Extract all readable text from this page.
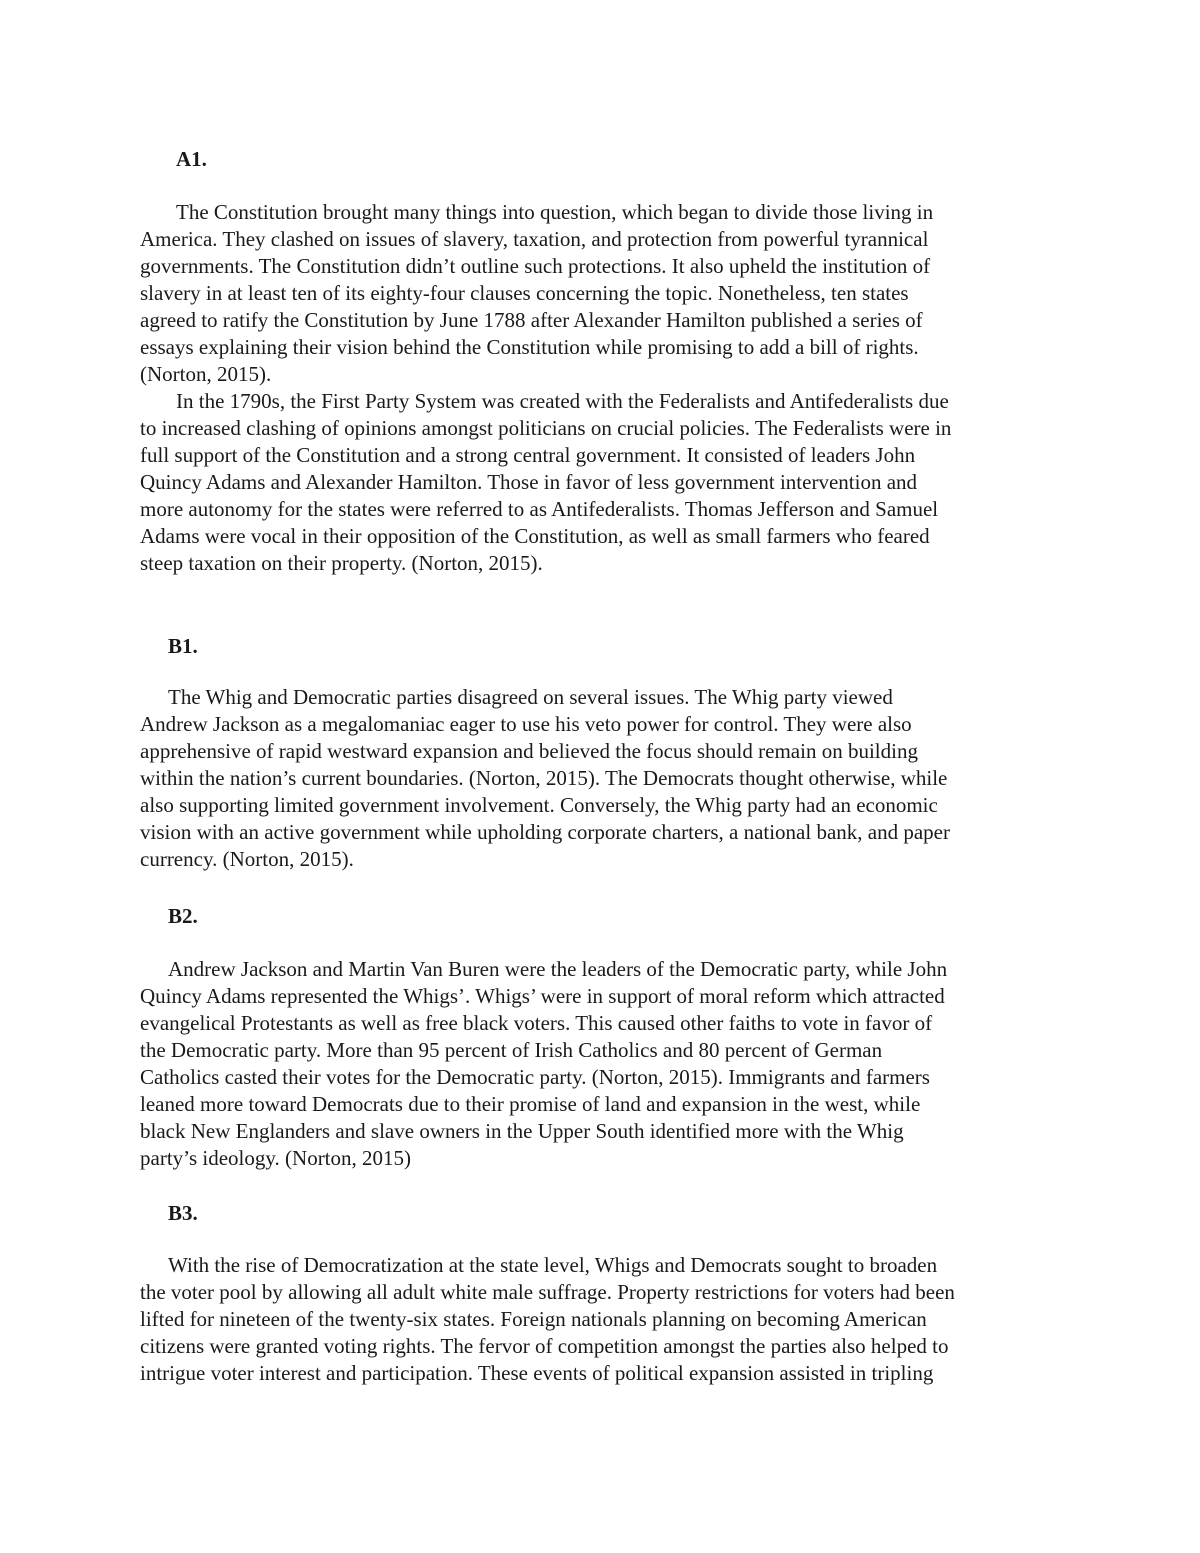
A1.

The Constitution brought many things into question, which began to divide those living in
America. They clashed on issues of slavery, taxation, and protection from powerful tyrannical
governments. The Constitution didn’t outline such protections. It also upheld the institution of
slavery in at least ten of its eighty-four clauses concerning the topic. Nonetheless, ten states
agreed to ratify the Constitution by June 1788 after Alexander Hamilton published a series of
essays explaining their vision behind the Constitution while promising to add a bill of rights.
(Norton, 2015).

In the 1790s, the First Party System was created with the Federalists and Antifederalists due
to increased clashing of opinions amongst politicians on crucial policies. The Federalists were in
full support of the Constitution and a strong central government. It consisted of leaders John
Quincy Adams and Alexander Hamilton. Those in favor of less government intervention and
more autonomy for the states were referred to as Antifederalists. Thomas Jefferson and Samuel
Adams were vocal in their opposition of the Constitution, as well as small farmers who feared
steep taxation on their property. (Norton, 2015).

B1.

The Whig and Democratic parties disagreed on several issues. The Whig party viewed
Andrew Jackson as a megalomaniac eager to use his veto power for control. They were also
apprehensive of rapid westward expansion and believed the focus should remain on building
within the nation’s current boundaries. (Norton, 2015). The Democrats thought otherwise, while
also supporting limited government involvement. Conversely, the Whig party had an economic
vision with an active government while upholding corporate charters, a national bank, and paper
currency. (Norton, 2015).

B2.

Andrew Jackson and Martin Van Buren were the leaders of the Democratic party, while John
Quincy Adams represented the Whigs’. Whigs’ were in support of moral reform which attracted
evangelical Protestants as well as free black voters. This caused other faiths to vote in favor of
the Democratic party. More than 95 percent of Irish Catholics and 80 percent of German
Catholics casted their votes for the Democratic party. (Norton, 2015). Immigrants and farmers
leaned more toward Democrats due to their promise of land and expansion in the west, while
black New Englanders and slave owners in the Upper South identified more with the Whig
party’s ideology. (Norton, 2015)

B3.

With the rise of Democratization at the state level, Whigs and Democrats sought to broaden
the voter pool by allowing all adult white male suffrage. Property restrictions for voters had been
lifted for nineteen of the twenty-six states. Foreign nationals planning on becoming American
citizens were granted voting rights. The fervor of competition amongst the parties also helped to
intrigue voter interest and participation. These events of political expansion assisted in tripling
